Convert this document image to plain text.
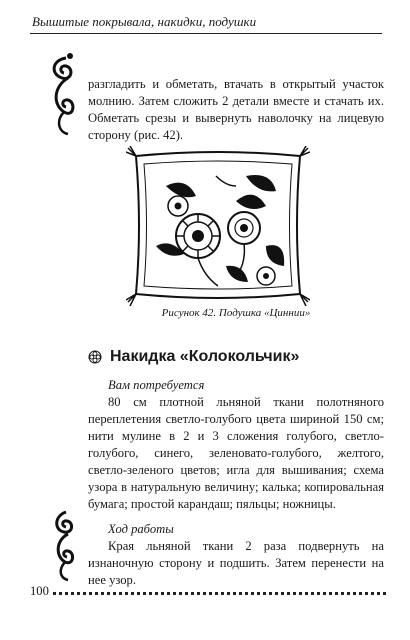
Вышитые покрывала, накидки, подушки

разгладить и обметать, втачать в открытый участок молнию. Затем сложить 2 детали вместе и стачать их. Обметать срезы и вывернуть наволочку на лицевую сторону (рис. 42).

Рисунок 42. Подушка «Циннии»
Накидка «Колокольчик»
Вам потребуется

80 см плотной льняной ткани полотняного переплетения светло-голубого цвета шириной 150 см; нити мулине в 2 и 3 сложения голубого, светло-голубого, синего, зеленовато-голубого, желтого, светло-зеленого цветов; игла для вышивания; схема узора в натуральную величину; калька; копировальная бумага; простой карандаш; пяльцы; ножницы.

Ход работы

Края льняной ткани 2 раза подвернуть на изнаночную сторону и подшить. Затем перенести на нее узор.

100
